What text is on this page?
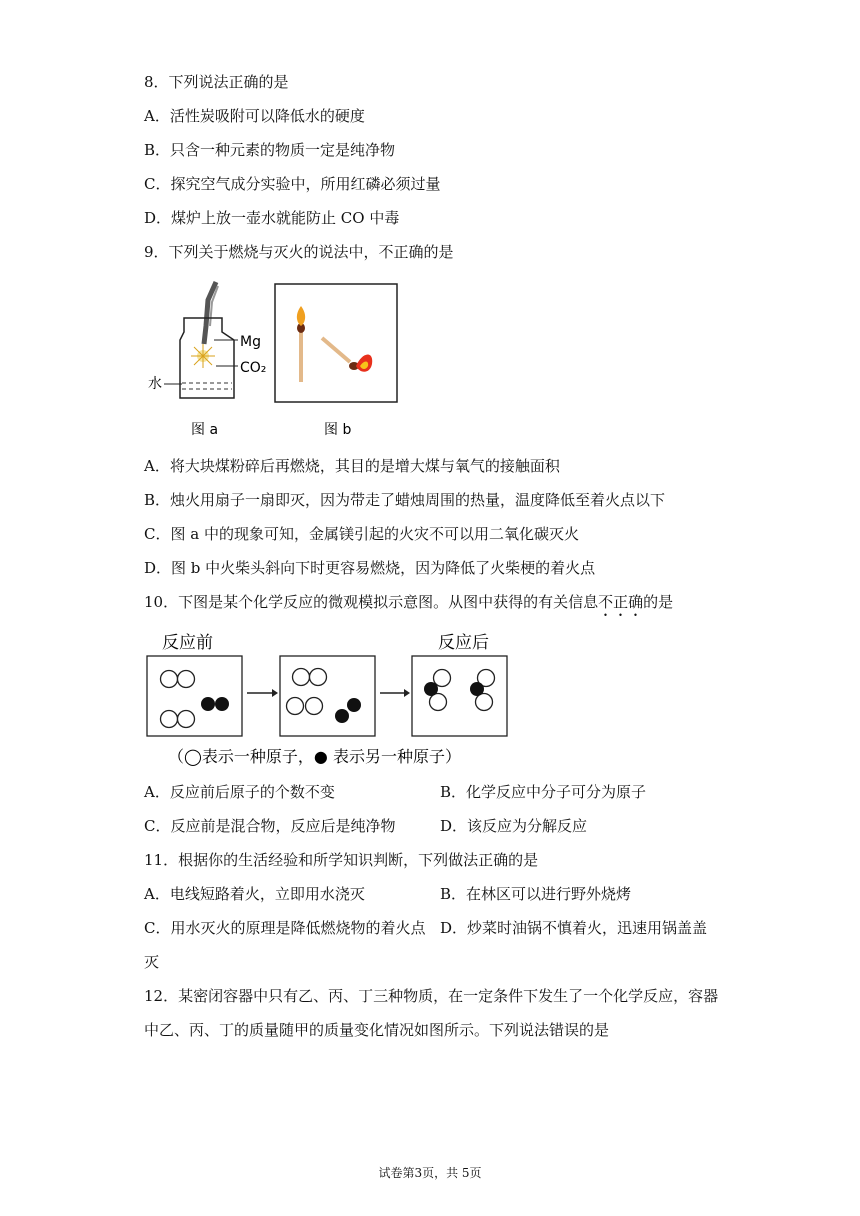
8．下列说法正确的是
A．活性炭吸附可以降低水的硬度
B．只含一种元素的物质一定是纯净物
C．探究空气成分实验中，所用红磷必须过量
D．煤炉上放一壶水就能防止 CO 中毒
9．下列关于燃烧与灭火的说法中，不正确的是
Mg
CO₂
水
图 a	图 b
A．将大块煤粉碎后再燃烧，其目的是增大煤与氧气的接触面积
B．烛火用扇子一扇即灭，因为带走了蜡烛周围的热量，温度降低至着火点以下
C．图 a 中的现象可知，金属镁引起的火灾不可以用二氧化碳灭火
D．图 b 中火柴头斜向下时更容易燃烧，因为降低了火柴梗的着火点
10．下图是某个化学反应的微观模拟示意图。从图中获得的有关信息不正确的是
反应前	反应后
（◯表示一种原子，● 表示另一种原子）
A．反应前后原子的个数不变	B．化学反应中分子可分为原子
C．反应前是混合物，反应后是纯净物	D．该反应为分解反应
11．根据你的生活经验和所学知识判断，下列做法正确的是
A．电线短路着火，立即用水浇灭	B．在林区可以进行野外烧烤
C．用水灭火的原理是降低燃烧物的着火点 D．炒菜时油锅不慎着火，迅速用锅盖盖
灭
12．某密闭容器中只有乙、丙、丁三种物质，在一定条件下发生了一个化学反应，容器
中乙、丙、丁的质量随甲的质量变化情况如图所示。下列说法错误的是
试卷第3页，共 5页
